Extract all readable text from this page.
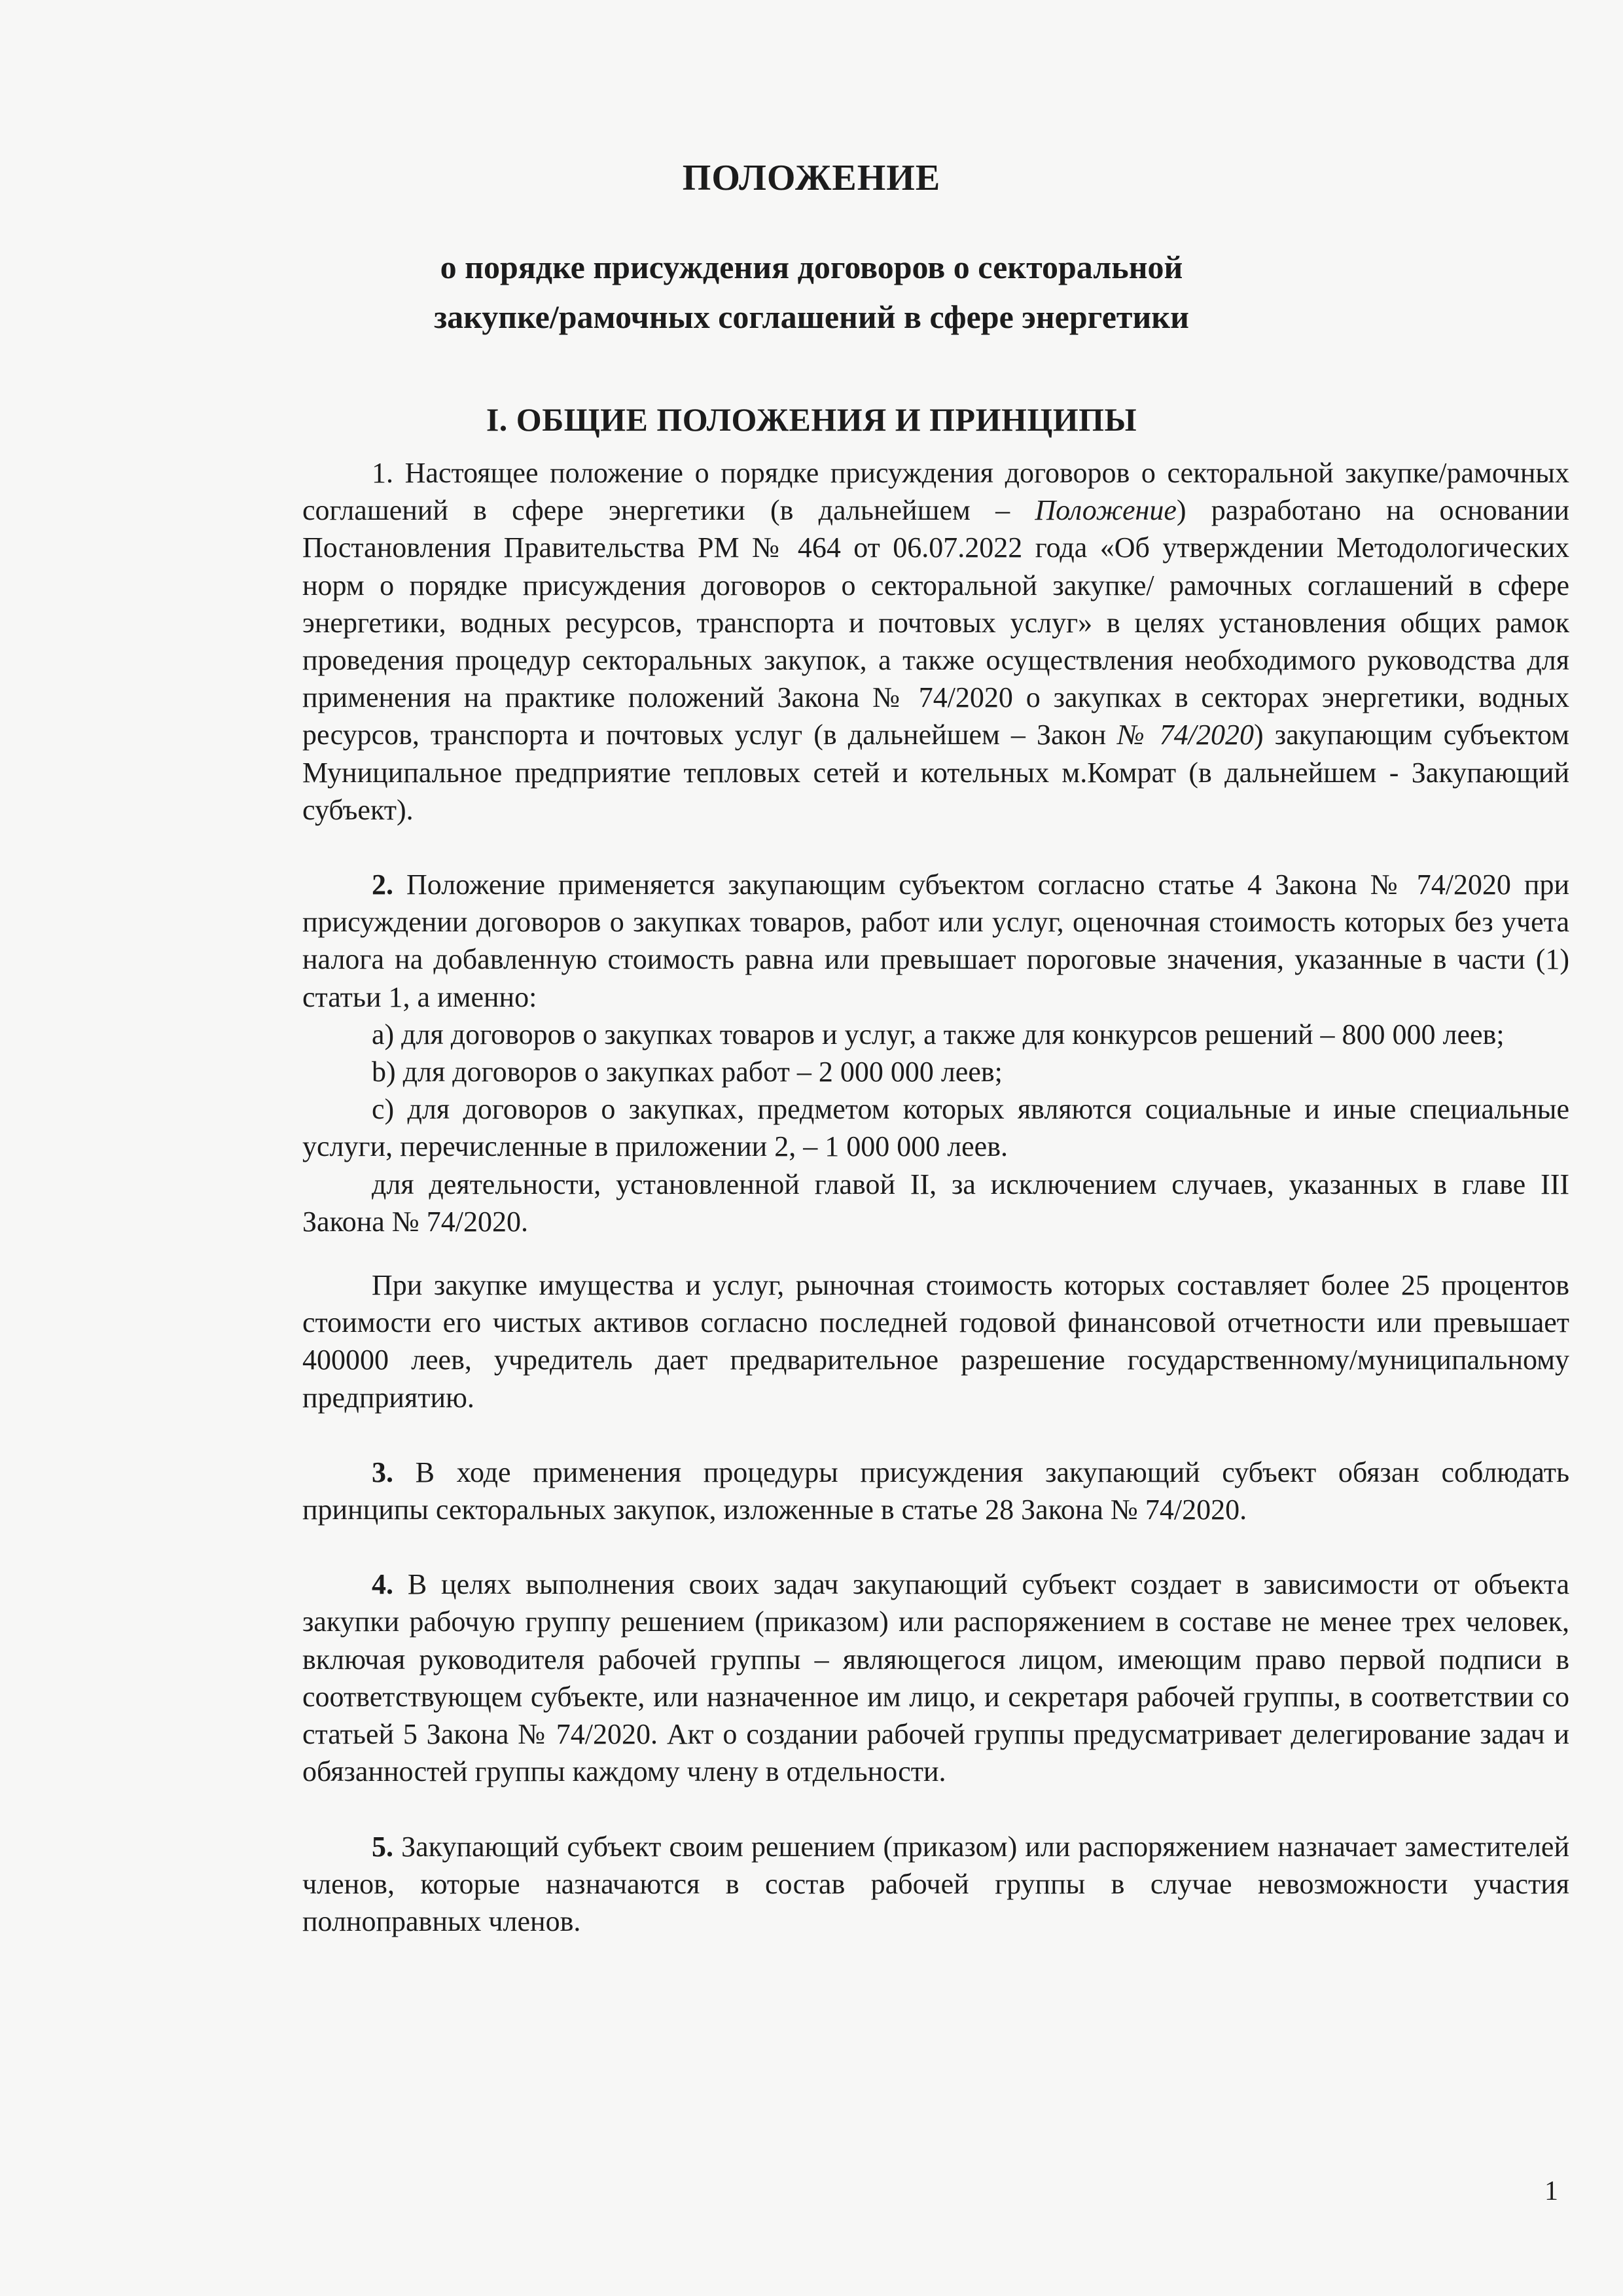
ПОЛОЖЕНИЕ
о порядке присуждения договоров о секторальной
закупке/рамочных соглашений в сфере энергетики
I. ОБЩИЕ ПОЛОЖЕНИЯ И ПРИНЦИПЫ

1. Настоящее положение о порядке присуждения договоров о секторальной закупке/рамочных соглашений в сфере энергетики (в дальнейшем – Положение) разработано на основании Постановления Правительства РМ № 464 от 06.07.2022 года «Об утверждении Методологических норм о порядке присуждения договоров о секторальной закупке/ рамочных соглашений в сфере энергетики, водных ресурсов, транспорта и почтовых услуг» в целях установления общих рамок проведения процедур секторальных закупок, а также осуществления необходимого руководства для применения на практике положений Закона № 74/2020 о закупках в секторах энергетики, водных ресурсов, транспорта и почтовых услуг (в дальнейшем – Закон № 74/2020) закупающим субъектом Муниципальное предприятие тепловых сетей и котельных м.Комрат (в дальнейшем - Закупающий субъект).

2. Положение применяется закупающим субъектом согласно статье 4 Закона № 74/2020 при присуждении договоров о закупках товаров, работ или услуг, оценочная стоимость которых без учета налога на добавленную стоимость равна или превышает пороговые значения, указанные в части (1) статьи 1, а именно:

a) для договоров о закупках товаров и услуг, а также для конкурсов решений – 800 000 леев;

b) для договоров о закупках работ – 2 000 000 леев;

c) для договоров о закупках, предметом которых являются социальные и иные специальные услуги, перечисленные в приложении 2, – 1 000 000 леев.

для деятельности, установленной главой II, за исключением случаев, указанных в главе III Закона № 74/2020.

При закупке имущества и услуг, рыночная стоимость которых составляет более 25 процентов стоимости его чистых активов согласно последней годовой финансовой отчетности или превышает 400000 леев, учредитель дает предварительное разрешение государственному/муниципальному предприятию.

3. В ходе применения процедуры присуждения закупающий субъект обязан соблюдать принципы секторальных закупок, изложенные в статье 28 Закона № 74/2020.

4. В целях выполнения своих задач закупающий субъект создает в зависимости от объекта закупки рабочую группу решением (приказом) или распоряжением в составе не менее трех человек, включая руководителя рабочей группы – являющегося лицом, имеющим право первой подписи в соответствующем субъекте, или назначенное им лицо, и секретаря рабочей группы, в соответствии со статьей 5 Закона № 74/2020. Акт о создании рабочей группы предусматривает делегирование задач и обязанностей группы каждому члену в отдельности.

5. Закупающий субъект своим решением (приказом) или распоряжением назначает заместителей членов, которые назначаются в состав рабочей группы в случае невозможности участия полноправных членов.

1
